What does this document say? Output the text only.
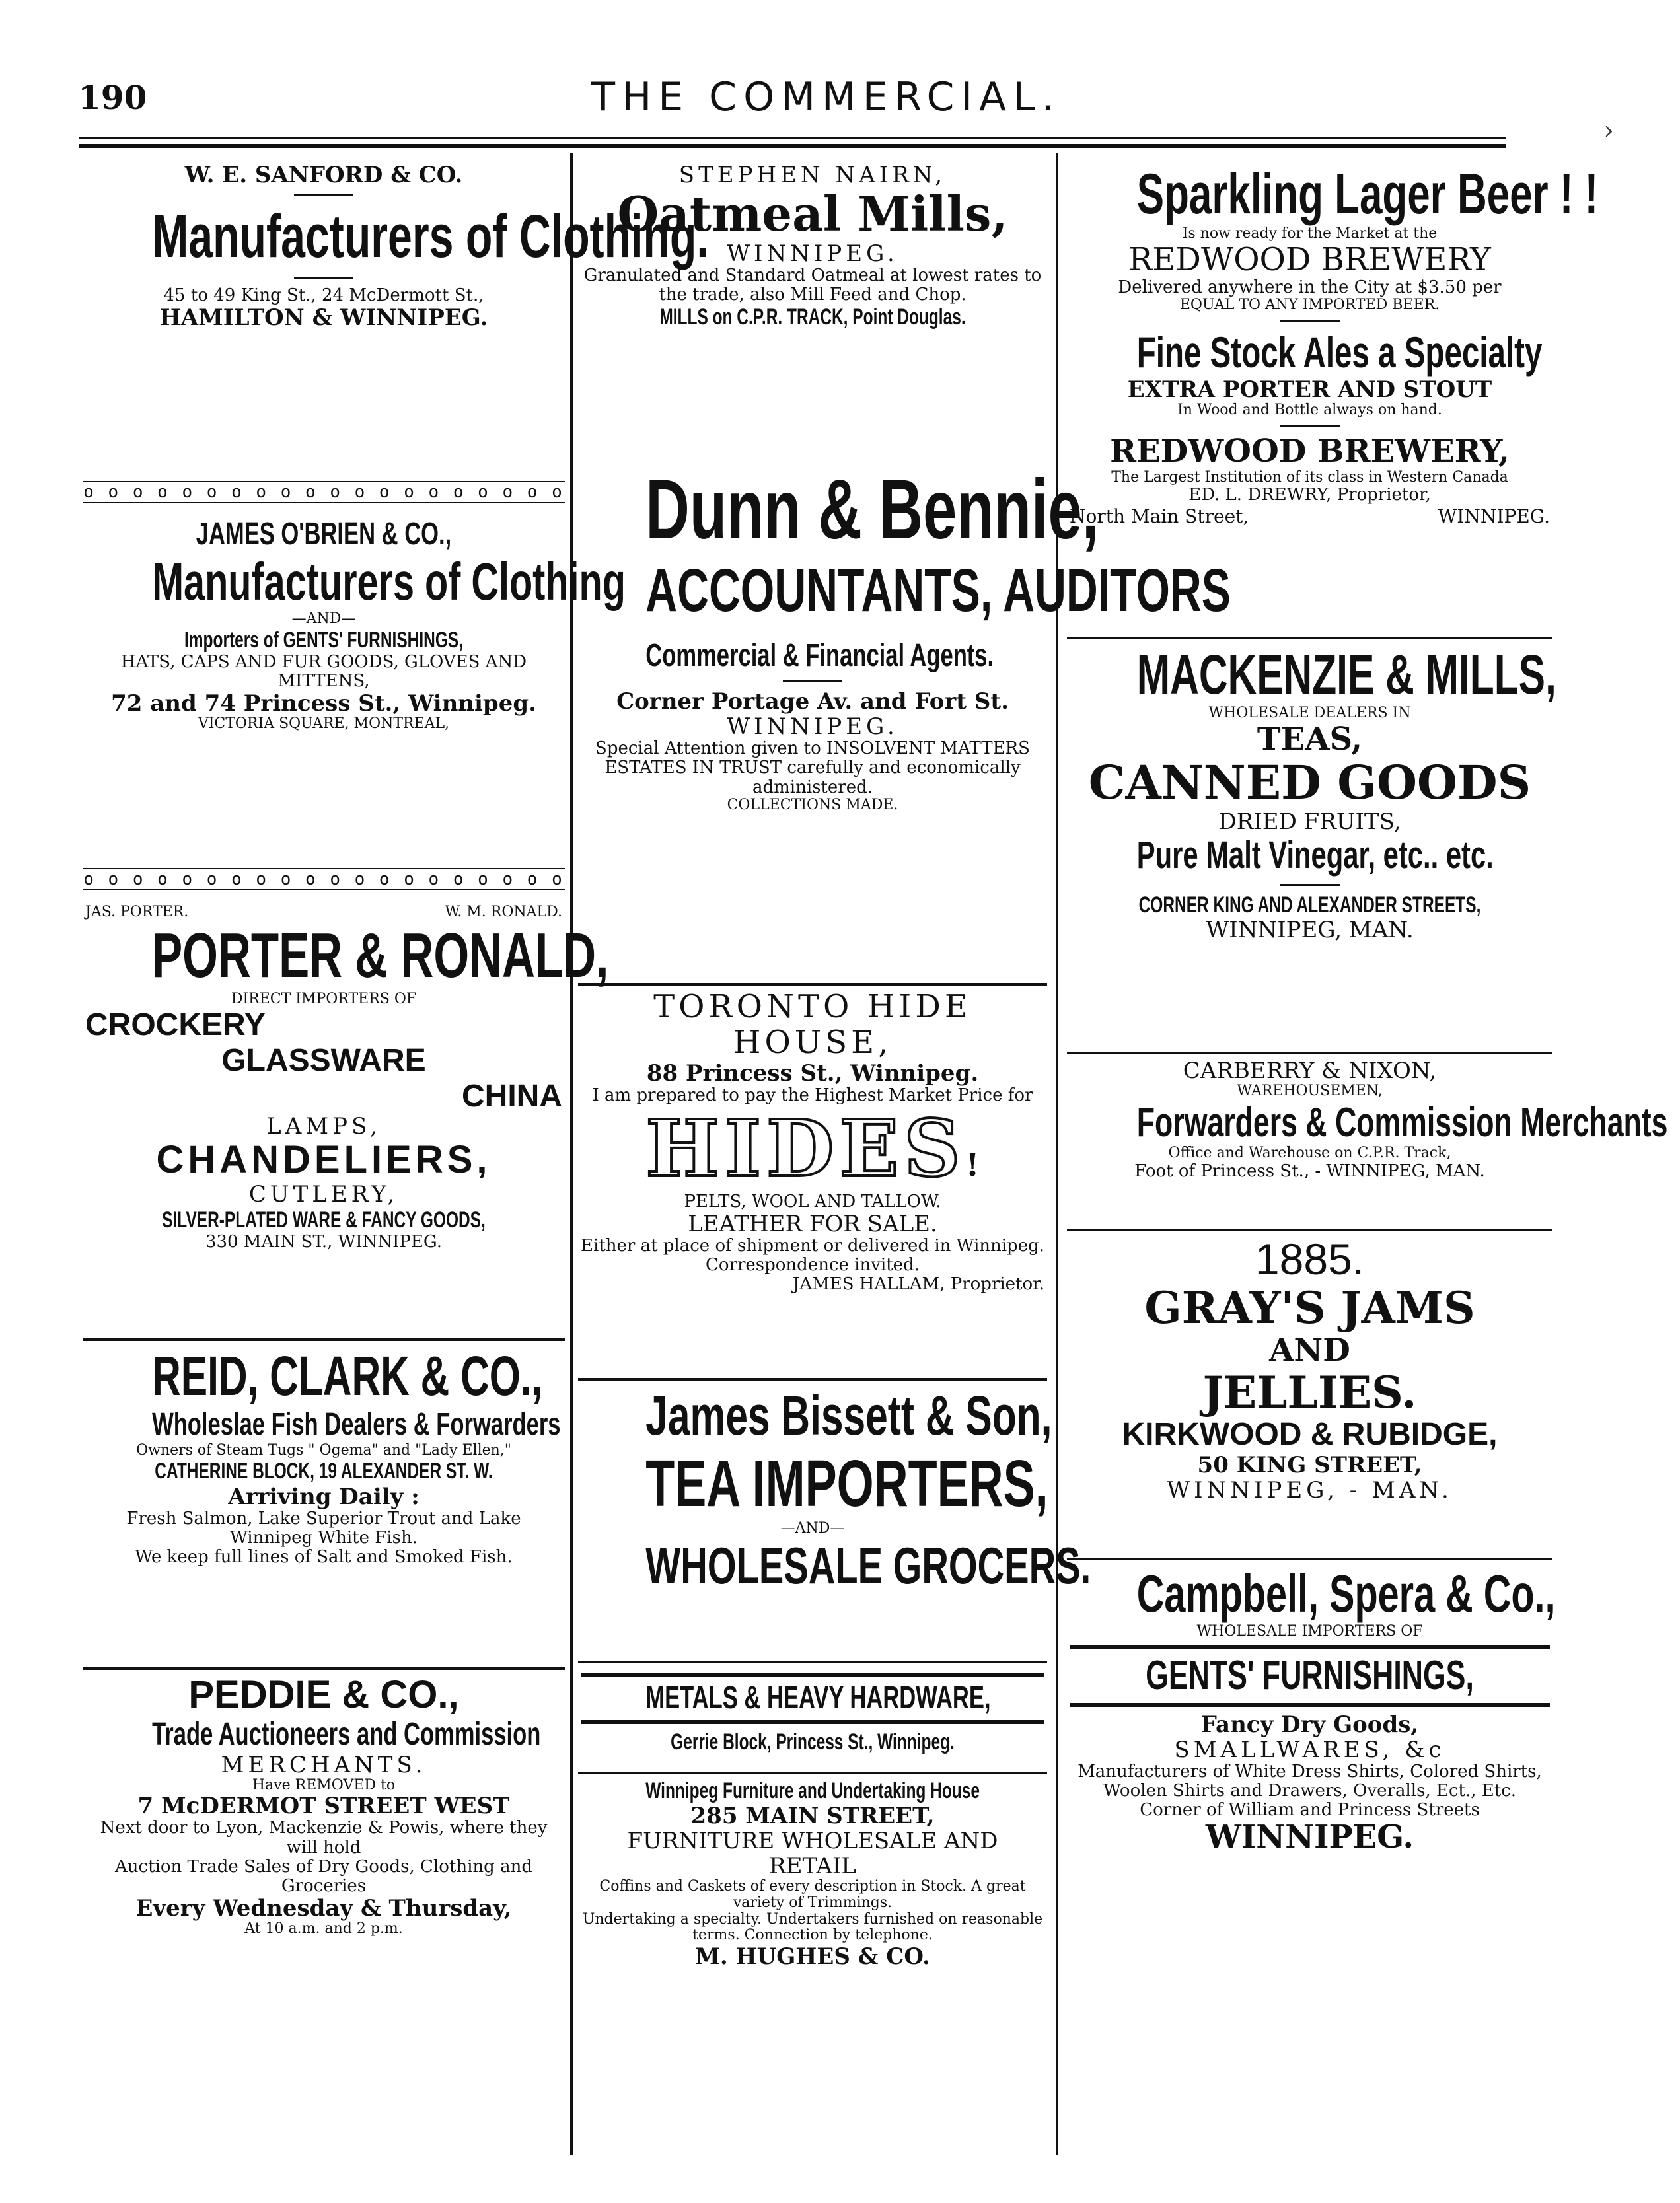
190	THE COMMERCIAL.
›

W. E. SANFORD & CO.

Manufacturers of Clothing.

45 to 49 King St., 24 McDermott St.,

HAMILTON & WINNIPEG.

o o o o o o o o o o o o o o o o o o o o

JAMES O'BRIEN & CO.,

Manufacturers of Clothing

—AND—

Importers of GENTS' FURNISHINGS,

HATS, CAPS AND FUR GOODS, GLOVES AND MITTENS,

72 and 74 Princess St., Winnipeg.

VICTORIA SQUARE, MONTREAL,

o o o o o o o o o o o o o o o o o o o o
JAS. PORTER.	W. M. RONALD.

PORTER & RONALD,

DIRECT IMPORTERS OF

CROCKERY

GLASSWARE

CHINA

LAMPS,

CHANDELIERS,

CUTLERY,

SILVER-PLATED WARE & FANCY GOODS,

330 MAIN ST., WINNIPEG.

REID, CLARK & CO.,

Wholeslae Fish Dealers & Forwarders

Owners of Steam Tugs " Ogema" and "Lady Ellen,"

CATHERINE BLOCK, 19 ALEXANDER ST. W.

Arriving Daily :

Fresh Salmon, Lake Superior Trout and Lake Winnipeg White Fish.

We keep full lines of Salt and Smoked Fish.

PEDDIE & CO.,

Trade Auctioneers and Commission

MERCHANTS.

Have REMOVED to

7 McDERMOT STREET WEST

Next door to Lyon, Mackenzie & Powis, where they will hold

Auction Trade Sales of Dry Goods, Clothing and Groceries

Every Wednesday & Thursday,

At 10 a.m. and 2 p.m.

STEPHEN NAIRN,

Oatmeal Mills,

WINNIPEG.

Granulated and Standard Oatmeal at lowest rates to the trade, also Mill Feed and Chop.

MILLS on C.P.R. TRACK, Point Douglas.

Dunn & Bennie,

ACCOUNTANTS, AUDITORS

Commercial & Financial Agents.

Corner Portage Av. and Fort St.

WINNIPEG.

Special Attention given to INSOLVENT MATTERS

ESTATES IN TRUST carefully and economically administered.

COLLECTIONS MADE.

TORONTO HIDE HOUSE,

88 Princess St., Winnipeg.

I am prepared to pay the Highest Market Price for

HIDES!

PELTS, WOOL AND TALLOW.

LEATHER FOR SALE.

Either at place of shipment or delivered in Winnipeg. Correspondence invited.

JAMES HALLAM, Proprietor.

James Bissett & Son,

TEA IMPORTERS,

—AND—

WHOLESALE GROCERS.

METALS & HEAVY HARDWARE,

Gerrie Block, Princess St., Winnipeg.

Winnipeg Furniture and Undertaking House

285 MAIN STREET,

FURNITURE WHOLESALE AND RETAIL

Coffins and Caskets of every description in Stock. A great variety of Trimmings.

Undertaking a specialty. Undertakers furnished on reasonable terms. Connection by telephone.

M. HUGHES & CO.

Sparkling Lager Beer ! !

Is now ready for the Market at the

REDWOOD BREWERY

Delivered anywhere in the City at $3.50 per

EQUAL TO ANY IMPORTED BEER.

Fine Stock Ales a Specialty

EXTRA PORTER AND STOUT

In Wood and Bottle always on hand.

REDWOOD BREWERY,

The Largest Institution of its class in Western Canada

ED. L. DREWRY, Proprietor,

North Main Street,	WINNIPEG.

MACKENZIE & MILLS,

WHOLESALE DEALERS IN

TEAS,

CANNED GOODS

DRIED FRUITS,

Pure Malt Vinegar, etc.. etc.

CORNER KING AND ALEXANDER STREETS,

WINNIPEG, MAN.

CARBERRY & NIXON,

WAREHOUSEMEN,

Forwarders & Commission Merchants

Office and Warehouse on C.P.R. Track,

Foot of Princess St., - WINNIPEG, MAN.

1885.

GRAY'S JAMS

AND

JELLIES.

KIRKWOOD & RUBIDGE,

50 KING STREET,

WINNIPEG, - MAN.

Campbell, Spera & Co.,

WHOLESALE IMPORTERS OF

GENTS' FURNISHINGS,

Fancy Dry Goods,

SMALLWARES, &c

Manufacturers of White Dress Shirts, Colored Shirts, Woolen Shirts and Drawers, Overalls, Ect., Etc.

Corner of William and Princess Streets

WINNIPEG.
